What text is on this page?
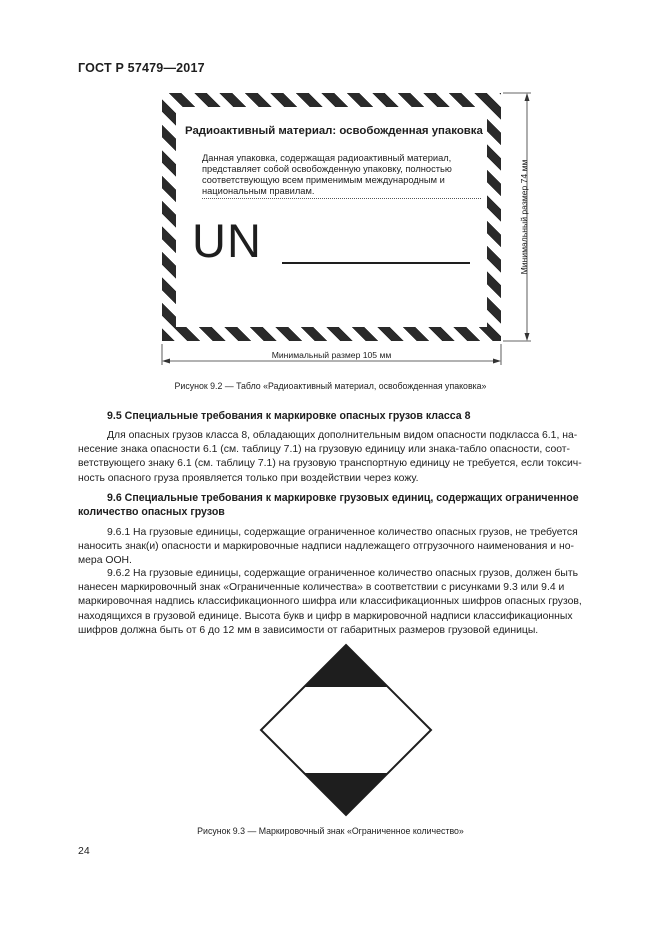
ГОСТ Р 57479—2017
Радиоактивный материал: освобожденная упаковка
Данная упаковка, содержащая радиоактивный материал,
представляет собой освобожденную упаковку, полностью
соответствующую всем применимым международным и
национальным правилам.
UN
Минимальный размер 105 мм
Минимальный размер 74 мм
Рисунок 9.2 — Табло «Радиоактивный материал, освобожденная упаковка»
9.5 Специальные требования к маркировке опасных грузов класса 8
Для опасных грузов класса 8, обладающих дополнительным видом опасности подкласса 6.1, на-
несение знака опасности 6.1 (см. таблицу 7.1) на грузовую единицу или знака-табло опасности, соот-
ветствующего знаку 6.1 (см. таблицу 7.1) на грузовую транспортную единицу не требуется, если токсич-
ность опасного груза проявляется только при воздействии через кожу.
9.6 Специальные требования к маркировке грузовых единиц, содержащих ограниченное
количество опасных грузов
9.6.1 На грузовые единицы, содержащие ограниченное количество опасных грузов, не требуется
наносить знак(и) опасности и маркировочные надписи надлежащего отгрузочного наименования и но-
мера ООН.
9.6.2 На грузовые единицы, содержащие ограниченное количество опасных грузов, должен быть
нанесен маркировочный знак «Ограниченные количества» в соответствии с рисунками 9.3 или 9.4 и
маркировочная надпись классификационного шифра или классификационных шифров опасных грузов,
находящихся в грузовой единице. Высота букв и цифр в маркировочной надписи классификационных
шифров должна быть от 6 до 12 мм в зависимости от габаритных размеров грузовой единицы.
Рисунок 9.3 — Маркировочный знак «Ограниченное количество»
24
